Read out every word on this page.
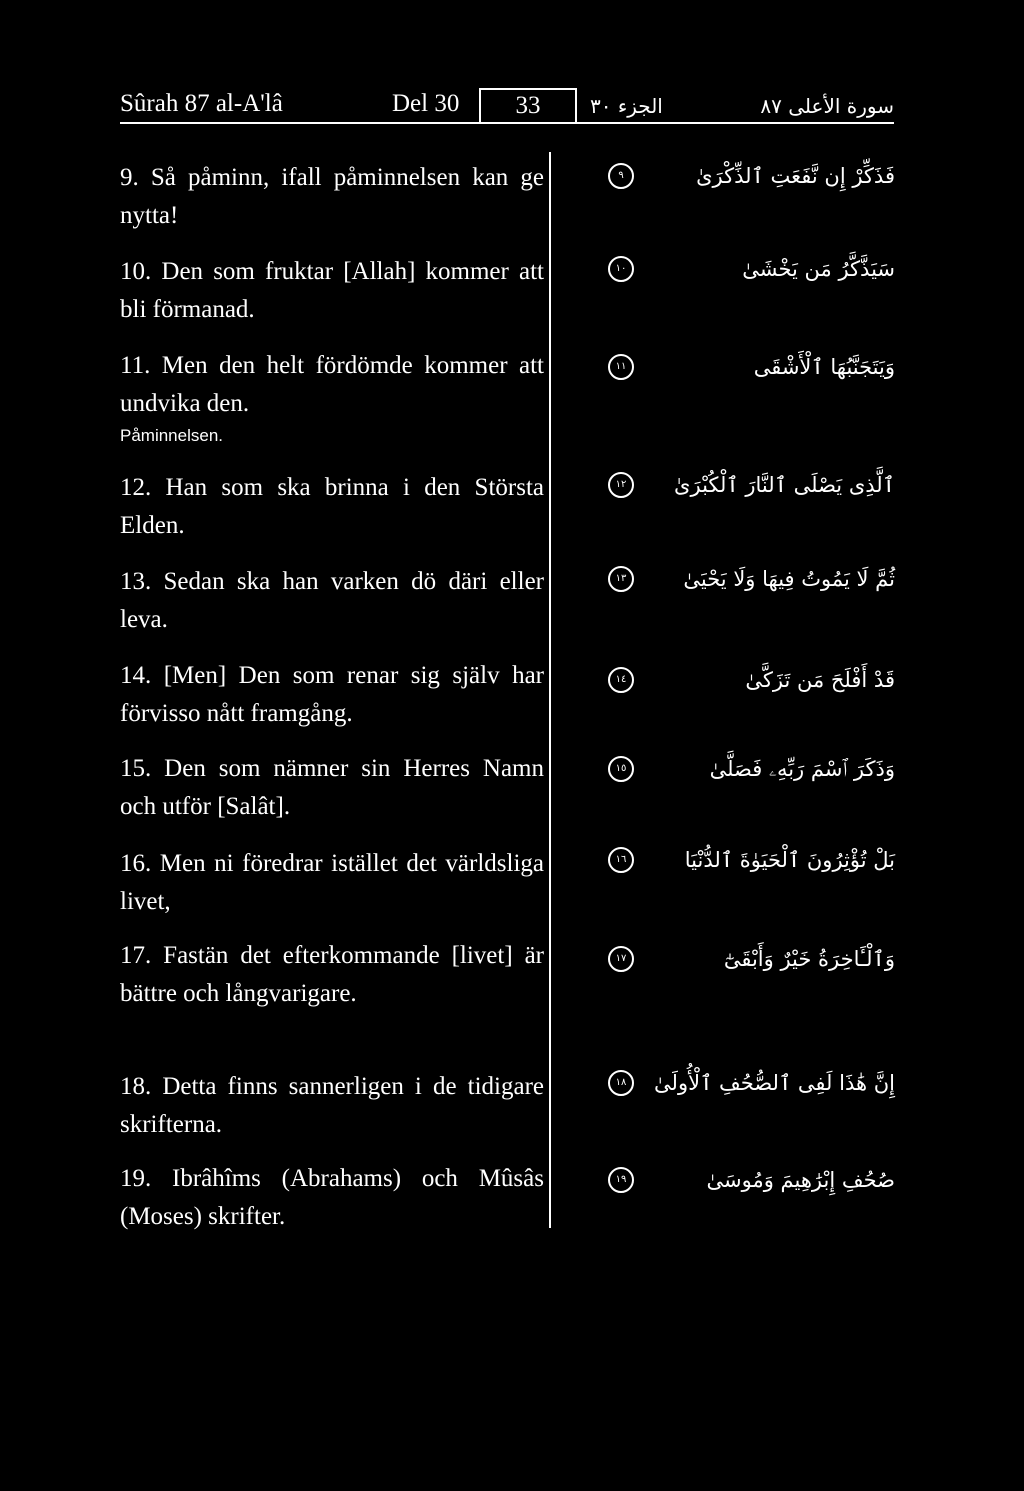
Sûrah 87 al-A'lâ	Del 30	33	الجزء ٣٠	سورة الأعلى ٨٧
9. Så påminn, ifall påminnelsen kan ge nytta!
فَذَكِّرْ إِن نَّفَعَتِ ٱلذِّكْرَىٰ
٩
10. Den som fruktar [Allah] kommer att bli förmanad.
سَيَذَّكَّرُ مَن يَخْشَىٰ
١٠
11. Men den helt fördömde kommer att undvika den.
Påminnelsen.
وَيَتَجَنَّبُهَا ٱلْأَشْقَى
١١
12. Han som ska brinna i den Största Elden.
ٱلَّذِى يَصْلَى ٱلنَّارَ ٱلْكُبْرَىٰ
١٢
13. Sedan ska han varken dö däri eller leva.
ثُمَّ لَا يَمُوتُ فِيهَا وَلَا يَحْيَىٰ
١٣
14. [Men] Den som renar sig själv har förvisso nått framgång.
قَدْ أَفْلَحَ مَن تَزَكَّىٰ
١٤
15. Den som nämner sin Herres Namn och utför [Salât].
وَذَكَرَ ٱسْمَ رَبِّهِۦ فَصَلَّىٰ
١٥
16. Men ni föredrar istället det världsliga livet,
بَلْ تُؤْثِرُونَ ٱلْحَيَوٰةَ ٱلدُّنْيَا
١٦
17. Fastän det efterkommande [livet] är bättre och långvarigare.
وَٱلْـَٔاخِرَةُ خَيْرٌ وَأَبْقَىٰٓ
١٧
18. Detta finns sannerligen i de tidigare skrifterna.
إِنَّ هَٰذَا لَفِى ٱلصُّحُفِ ٱلْأُولَىٰ
١٨
19. Ibrâhîms (Abrahams) och Mûsâs (Moses) skrifter.
صُحُفِ إِبْرَٰهِيمَ وَمُوسَىٰ
١٩
